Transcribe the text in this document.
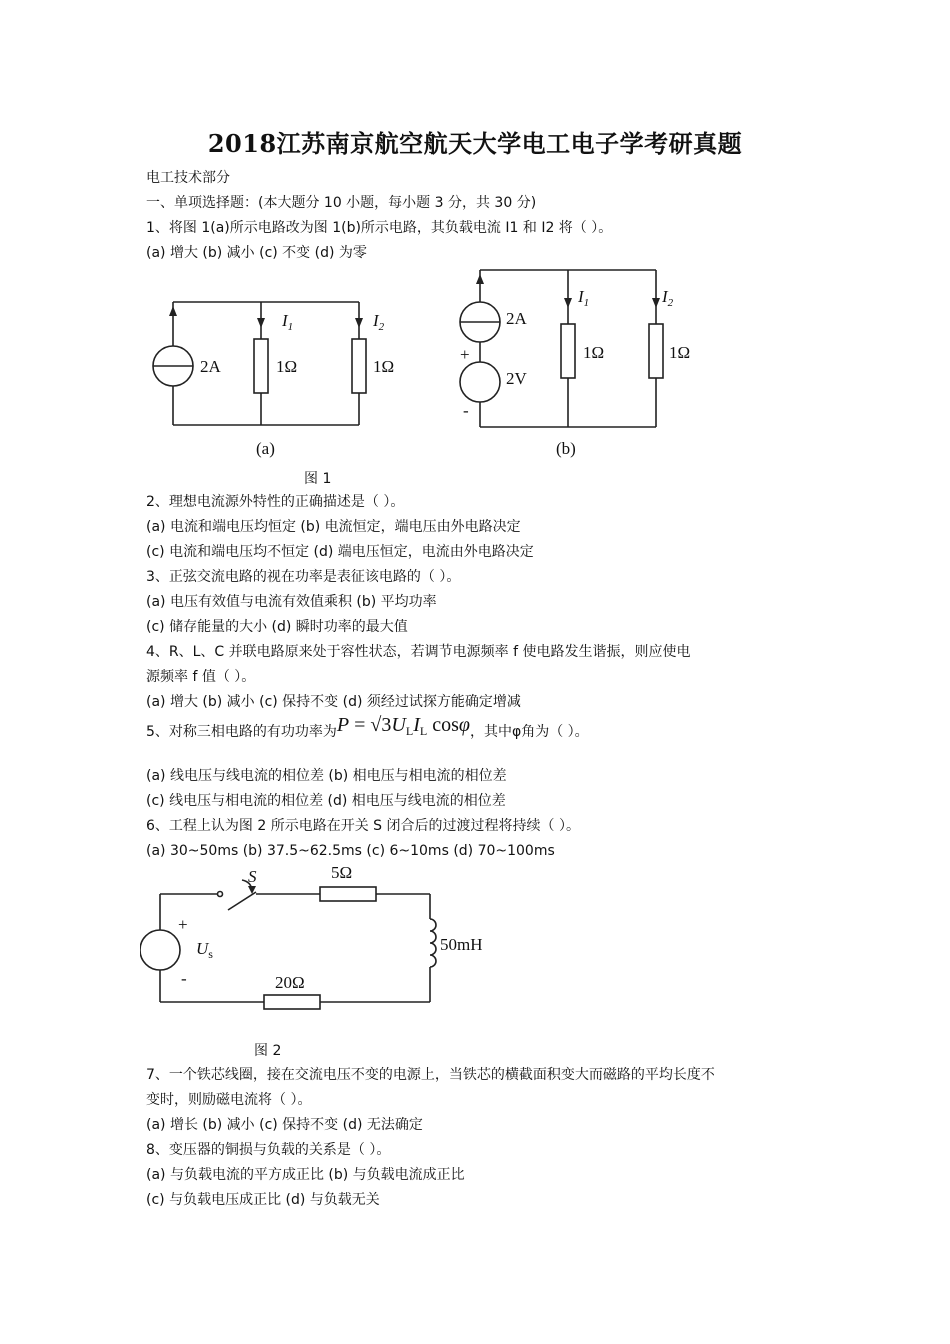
2018江苏南京航空航天大学电工电子学考研真题
电工技术部分
一、单项选择题：(本大题分 10 小题，每小题 3 分，共 30 分)
1、将图 1(a)所示电路改为图 1(b)所示电路，其负载电流 I1 和 I2 将（ ）。
(a) 增大 (b) 减小 (c) 不变 (d) 为零
2A	1Ω	1Ω
$I_1$	$I_2$
(a)
2A
2V
+
-
1Ω	1Ω
$I_1$	$I_2$
(b)
图 1
2、理想电流源外特性的正确描述是（ ）。
(a) 电流和端电压均恒定 (b) 电流恒定，端电压由外电路决定
(c) 电流和端电压均不恒定 (d) 端电压恒定，电流由外电路决定
3、正弦交流电路的视在功率是表征该电路的（ ）。
(a) 电压有效值与电流有效值乘积 (b) 平均功率
(c) 储存能量的大小 (d) 瞬时功率的最大值
4、R、L、C 并联电路原来处于容性状态，若调节电源频率 f 使电路发生谐振，则应使电
源频率 f 值（ ）。
(a) 增大 (b) 减小 (c) 保持不变 (d) 须经过试探方能确定增减
5、对称三相电路的有功功率为$P = √3U_LI_L$ cosφ，其中φ角为（ ）。
(a) 线电压与线电流的相位差 (b) 相电压与相电流的相位差
(c) 线电压与相电流的相位差 (d) 相电压与线电流的相位差
6、工程上认为图 2 所示电路在开关 S 闭合后的过渡过程将持续（ ）。
(a) 30~50ms (b) 37.5~62.5ms (c) 6~10ms (d) 70~100ms
S	5Ω
50mH
20Ω
$U_s$
+
-
图 2
7、一个铁芯线圈，接在交流电压不变的电源上，当铁芯的横截面积变大而磁路的平均长度不
变时，则励磁电流将（ ）。
(a) 增长 (b) 减小 (c) 保持不变 (d) 无法确定
8、变压器的铜损与负载的关系是（ ）。
(a) 与负载电流的平方成正比 (b) 与负载电流成正比
(c) 与负载电压成正比 (d) 与负载无关
